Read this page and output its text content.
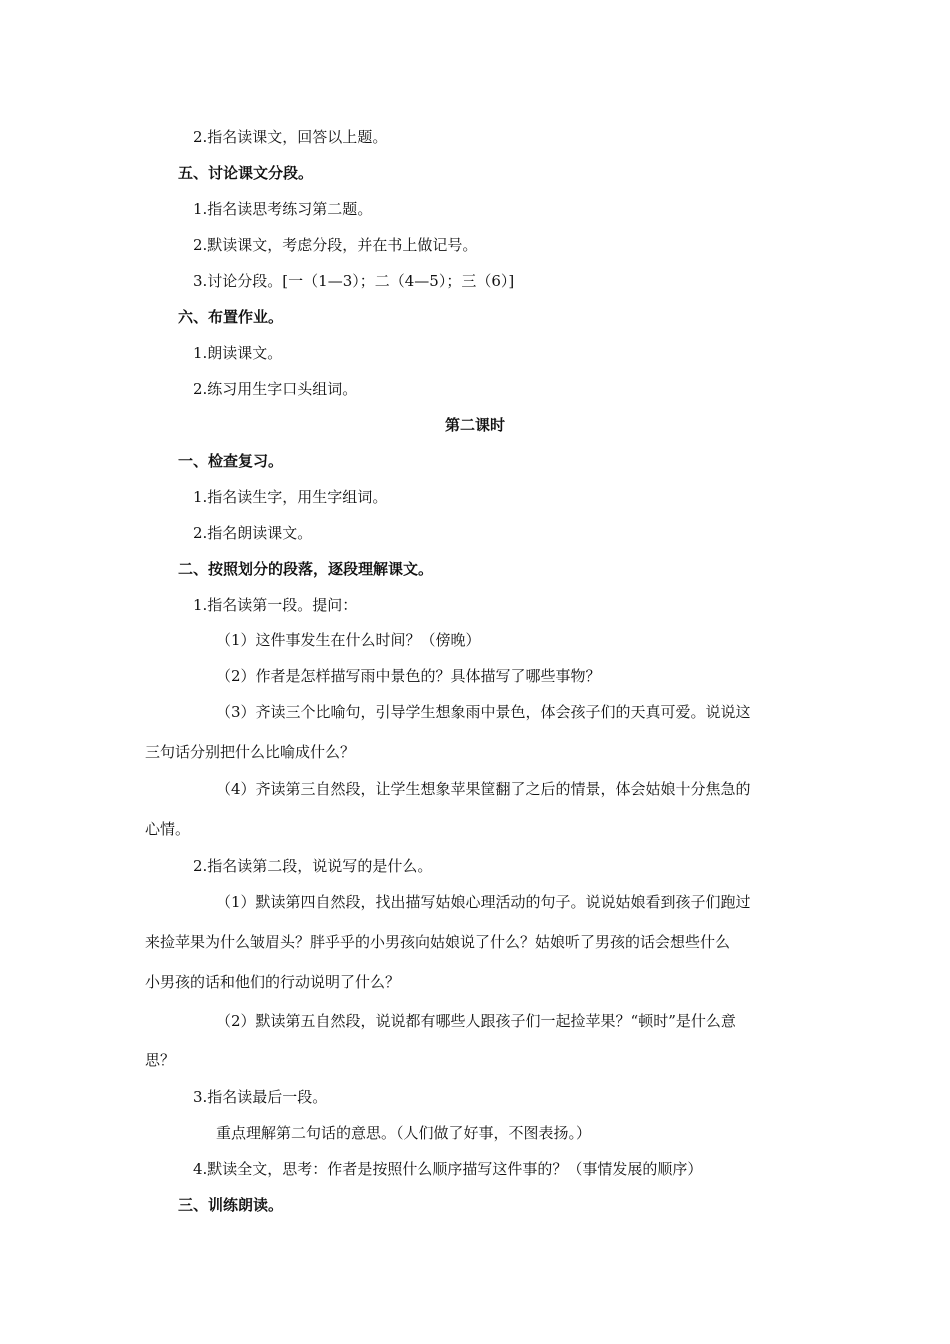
2.指名读课文，回答以上题。
五、讨论课文分段。
1.指名读思考练习第二题。
2.默读课文，考虑分段，并在书上做记号。
3.讨论分段。[一（1—3）；二（4—5）；三（6）]
六、布置作业。
1.朗读课文。
2.练习用生字口头组词。
第二课时
一、检查复习。
1.指名读生字，用生字组词。
2.指名朗读课文。
二、按照划分的段落，逐段理解课文。
1.指名读第一段。提问：
（1）这件事发生在什么时间？（傍晚）
（2）作者是怎样描写雨中景色的？具体描写了哪些事物？
（3）齐读三个比喻句，引导学生想象雨中景色，体会孩子们的天真可爱。说说这
三句话分别把什么比喻成什么？
（4）齐读第三自然段，让学生想象苹果筐翻了之后的情景，体会姑娘十分焦急的
心情。
2.指名读第二段，说说写的是什么。
（1）默读第四自然段，找出描写姑娘心理活动的句子。说说姑娘看到孩子们跑过
来捡苹果为什么皱眉头？胖乎乎的小男孩向姑娘说了什么？姑娘听了男孩的话会想些什么
小男孩的话和他们的行动说明了什么？
（2）默读第五自然段，说说都有哪些人跟孩子们一起捡苹果？“顿时”是什么意
思？
3.指名读最后一段。
重点理解第二句话的意思。（人们做了好事，不图表扬。）
4.默读全文，思考：作者是按照什么顺序描写这件事的？（事情发展的顺序）
三、训练朗读。
